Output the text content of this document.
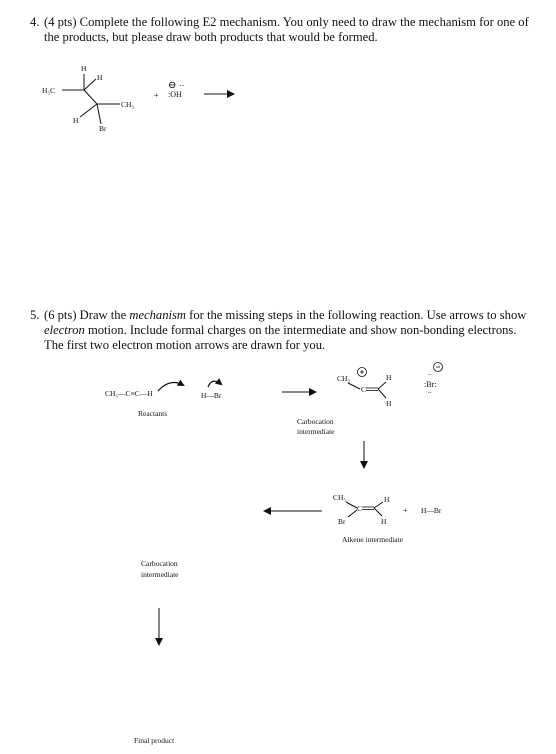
4. (4 pts) Complete the following E2 mechanism. You only need to draw the mechanism for one of the products, but please draw both products that would be formed.
5. (6 pts) Draw the mechanism for the missing steps in the following reaction. Use arrows to show electron motion. Include formal charges on the intermediate and show non-bonding electrons. The first two electron motion arrows are drawn for you.
H
H
H₃C
CH₃
H
Br
+
⊖ ‥
:OH
CH₃—C≡C—H	H—Br
Reactants
CH₃
C
H
H
..
:Br:
..
Carbocation
intermediate
CH₃	H
C
Br	H
+ H—Br
Alkene intermediate
Carbocation
intermediate
Final product
